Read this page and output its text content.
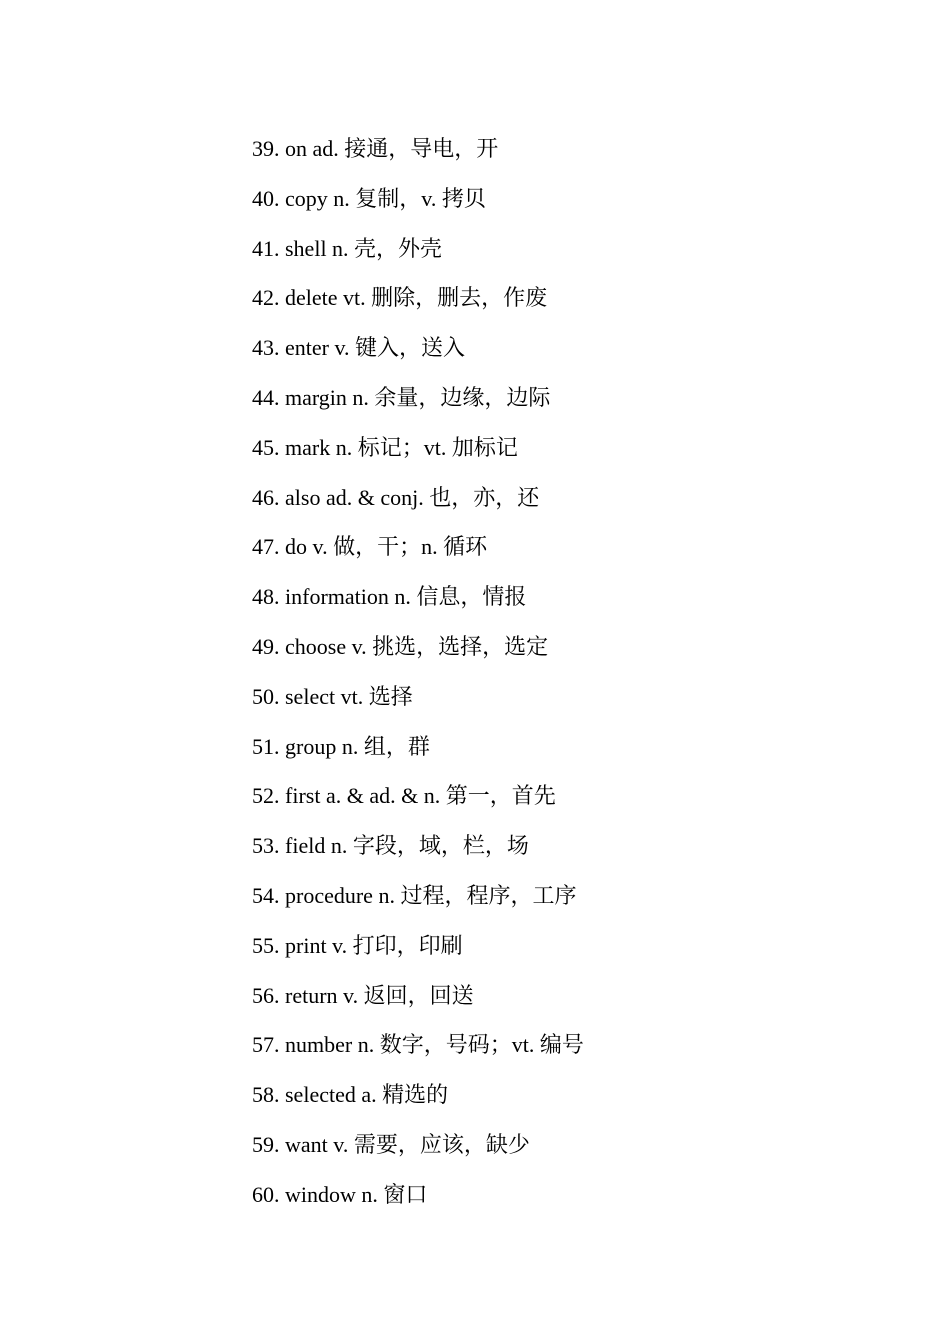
39. on ad. 接通，导电，开
40. copy n. 复制，v. 拷贝
41. shell n. 壳，外壳
42. delete vt. 删除，删去，作废
43. enter v. 键入，送入
44. margin n. 余量，边缘，边际
45. mark n. 标记；vt. 加标记
46. also ad. & conj. 也，亦，还
47. do v. 做，干；n. 循环
48. information n. 信息，情报
49. choose v. 挑选，选择，选定
50. select vt. 选择
51. group n. 组，群
52. first a. & ad. & n. 第一，首先
53. field n. 字段，域，栏，场
54. procedure n. 过程，程序，工序
55. print v. 打印，印刷
56. return v. 返回，回送
57. number n. 数字，号码；vt. 编号
58. selected a. 精选的
59. want v. 需要，应该，缺少
60. window n. 窗口
